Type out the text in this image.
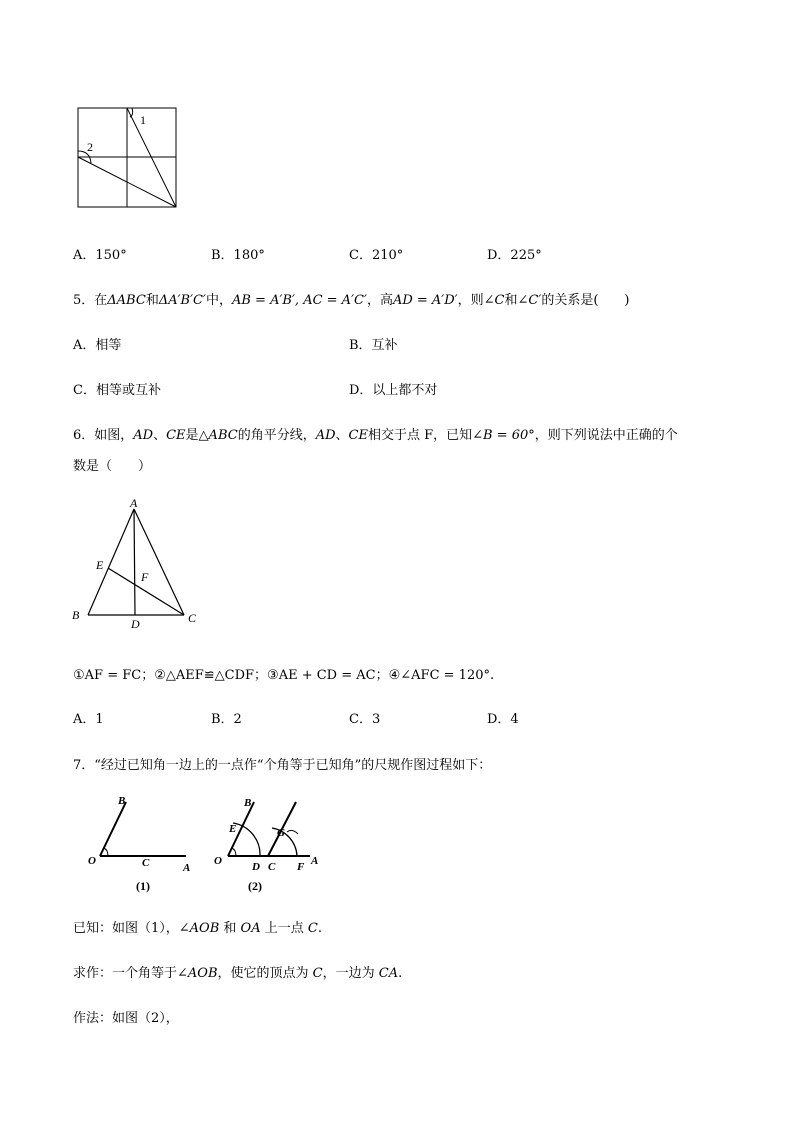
1
2
A．150°	B．180°	C．210°	D．225°
5．在ΔABC和ΔA′B′C′中，AB = A′B′, AC = A′C′，高AD = A′D′，则∠C和∠C′的关系是(　　)
A．相等	B．互补
C．相等或互补	D．以上都不对
6．如图，AD、CE是△ABC的角平分线，AD、CE相交于点 F，已知∠B = 60°，则下列说法中正确的个
数是（　　）
A
B	C
D
E
F
①AF = FC；②△AEF≌△CDF；③AE + CD = AC；④∠AFC = 120°.
A．1	B．2	C．3	D．4
7．“经过已知角一边上的一点作“个角等于已知角”的尺规作图过程如下：
O
B
C	A
(1)
O
B
E
D C
G
F A
(2)
已知：如图（1），∠AOB 和 OA 上一点 C.
求作：一个角等于∠AOB，使它的顶点为 C，一边为 CA.
作法：如图（2），
